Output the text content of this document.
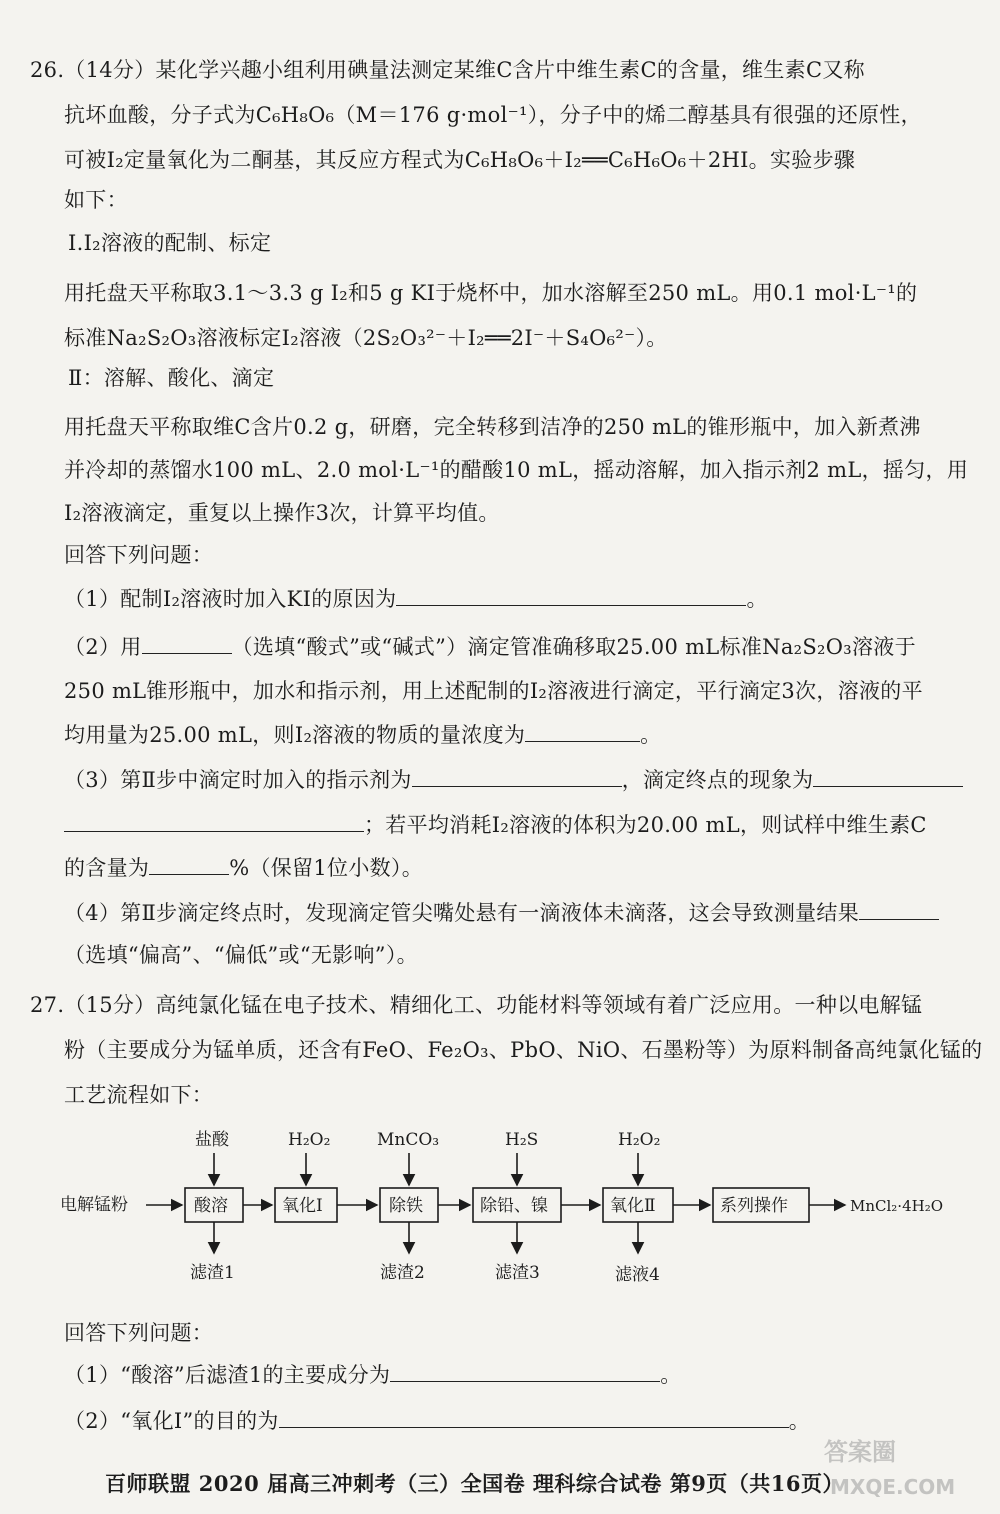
26.（14分）某化学兴趣小组利用碘量法测定某维C含片中维生素C的含量，维生素C又称
抗坏血酸，分子式为C₆H₈O₆（M＝176 g·mol⁻¹），分子中的烯二醇基具有很强的还原性，
可被I₂定量氧化为二酮基，其反应方程式为C₆H₈O₆＋I₂══C₆H₆O₆＋2HI。实验步骤
如下：
Ⅰ.I₂溶液的配制、标定
用托盘天平称取3.1～3.3 g I₂和5 g KI于烧杯中，加水溶解至250 mL。用0.1 mol·L⁻¹的
标准Na₂S₂O₃溶液标定I₂溶液（2S₂O₃²⁻＋I₂══2I⁻＋S₄O₆²⁻）。
Ⅱ：溶解、酸化、滴定
用托盘天平称取维C含片0.2 g，研磨，完全转移到洁净的250 mL的锥形瓶中，加入新煮沸
并冷却的蒸馏水100 mL、2.0 mol·L⁻¹的醋酸10 mL，摇动溶解，加入指示剂2 mL，摇匀，用
I₂溶液滴定，重复以上操作3次，计算平均值。
回答下列问题：
（1）配制I₂溶液时加入KI的原因为	。
（2）用	（选填“酸式”或“碱式”）滴定管准确移取25.00 mL标准Na₂S₂O₃溶液于
250 mL锥形瓶中，加水和指示剂，用上述配制的I₂溶液进行滴定，平行滴定3次，溶液的平
均用量为25.00 mL，则I₂溶液的物质的量浓度为	。
（3）第Ⅱ步中滴定时加入的指示剂为	，滴定终点的现象为
；若平均消耗I₂溶液的体积为20.00 mL，则试样中维生素C
的含量为	%（保留1位小数）。
（4）第Ⅱ步滴定终点时，发现滴定管尖嘴处悬有一滴液体未滴落，这会导致测量结果
（选填“偏高”、“偏低”或“无影响”）。
27.（15分）高纯氯化锰在电子技术、精细化工、功能材料等领域有着广泛应用。一种以电解锰
粉（主要成分为锰单质，还含有FeO、Fe₂O₃、PbO、NiO、石墨粉等）为原料制备高纯氯化锰的
工艺流程如下：
电解锰粉	酸溶
盐酸
滤渣1
氧化Ⅰ
H₂O₂
除铁
MnCO₃
滤渣2
除铅、镍
H₂S
滤渣3
氧化Ⅱ
H₂O₂
滤液4
系列操作	MnCl₂·4H₂O
回答下列问题：
（1）“酸溶”后滤渣1的主要成分为	。
（2）“氧化Ⅰ”的目的为	。
百师联盟 2020 届高三冲刺考（三）全国卷 理科综合试卷 第9页（共16页）
答案圈
MXQE.COM
